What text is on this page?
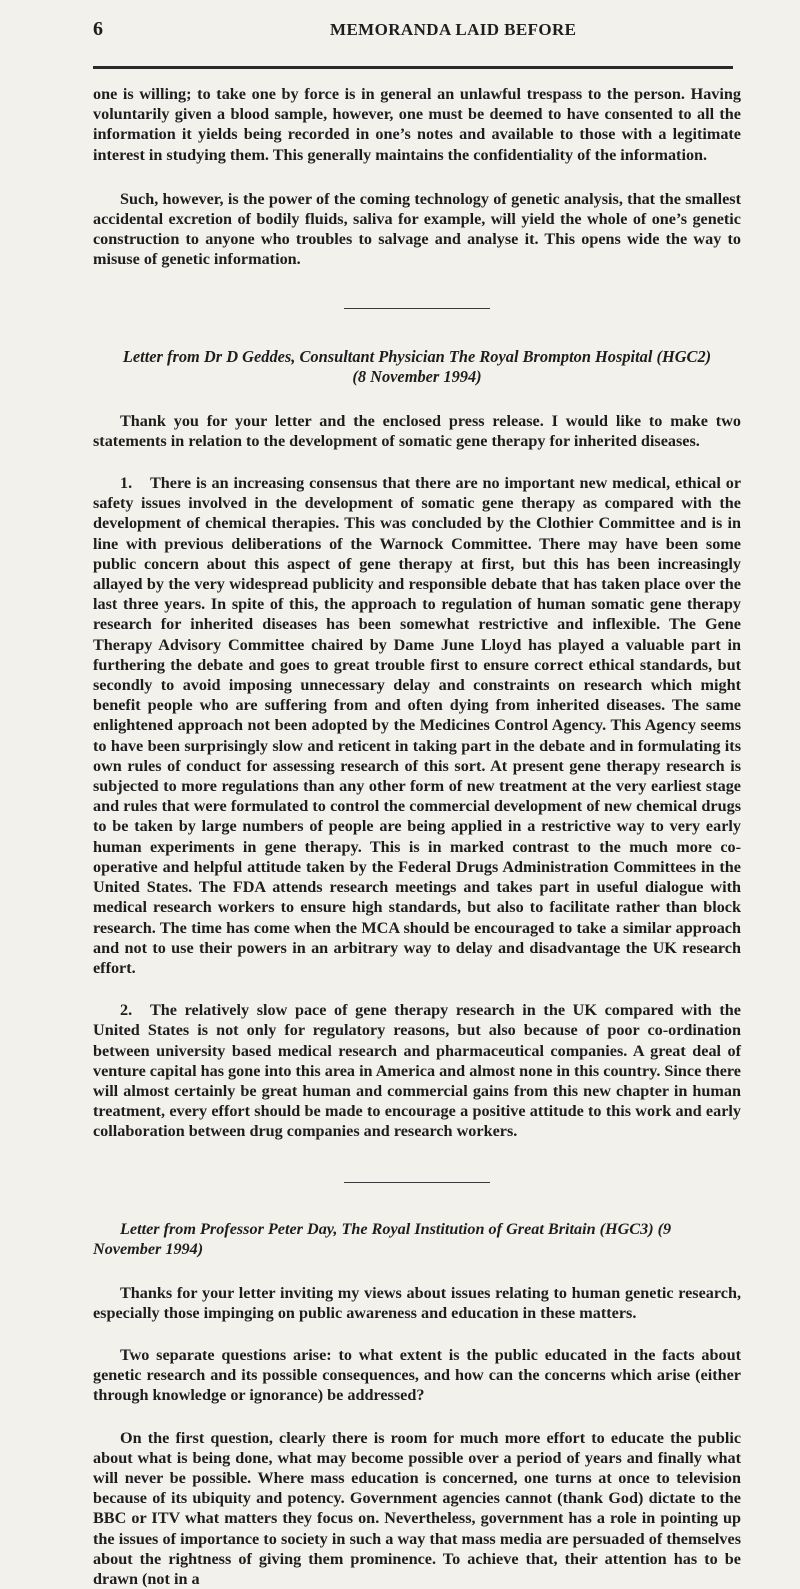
6	MEMORANDA LAID BEFORE

one is willing; to take one by force is in general an unlawful trespass to the person. Having voluntarily given a blood sample, however, one must be deemed to have consented to all the information it yields being recorded in one’s notes and available to those with a legitimate interest in studying them. This generally maintains the confidentiality of the information.

Such, however, is the power of the coming technology of genetic analysis, that the smallest accidental excretion of bodily fluids, saliva for example, will yield the whole of one’s genetic construction to anyone who troubles to salvage and analyse it. This opens wide the way to misuse of genetic information.

Letter from Dr D Geddes, Consultant Physician The Royal Brompton Hospital (HGC2)
(8 November 1994)

Thank you for your letter and the enclosed press release. I would like to make two statements in relation to the development of somatic gene therapy for inherited diseases.

1. There is an increasing consensus that there are no important new medical, ethical or safety issues involved in the development of somatic gene therapy as compared with the development of chemical therapies. This was concluded by the Clothier Committee and is in line with previous deliberations of the Warnock Committee. There may have been some public concern about this aspect of gene therapy at first, but this has been increasingly allayed by the very widespread publicity and responsible debate that has taken place over the last three years. In spite of this, the approach to regulation of human somatic gene therapy research for inherited diseases has been somewhat restrictive and inflexible. The Gene Therapy Advisory Committee chaired by Dame June Lloyd has played a valuable part in furthering the debate and goes to great trouble first to ensure correct ethical standards, but secondly to avoid imposing unnecessary delay and constraints on research which might benefit people who are suffering from and often dying from inherited diseases. The same enlightened approach not been adopted by the Medicines Control Agency. This Agency seems to have been surprisingly slow and reticent in taking part in the debate and in formulating its own rules of conduct for assessing research of this sort. At present gene therapy research is subjected to more regulations than any other form of new treatment at the very earliest stage and rules that were formulated to control the commercial development of new chemical drugs to be taken by large numbers of people are being applied in a restrictive way to very early human experiments in gene therapy. This is in marked contrast to the much more co-operative and helpful attitude taken by the Federal Drugs Administration Committees in the United States. The FDA attends research meetings and takes part in useful dialogue with medical research workers to ensure high standards, but also to facilitate rather than block research. The time has come when the MCA should be encouraged to take a similar approach and not to use their powers in an arbitrary way to delay and disadvantage the UK research effort.

2. The relatively slow pace of gene therapy research in the UK compared with the United States is not only for regulatory reasons, but also because of poor co-ordination between university based medical research and pharmaceutical companies. A great deal of venture capital has gone into this area in America and almost none in this country. Since there will almost certainly be great human and commercial gains from this new chapter in human treatment, every effort should be made to encourage a positive attitude to this work and early collaboration between drug companies and research workers.

Letter from Professor Peter Day, The Royal Institution of Great Britain (HGC3) (9 November 1994)

Thanks for your letter inviting my views about issues relating to human genetic research, especially those impinging on public awareness and education in these matters.

Two separate questions arise: to what extent is the public educated in the facts about genetic research and its possible consequences, and how can the concerns which arise (either through knowledge or ignorance) be addressed?

On the first question, clearly there is room for much more effort to educate the public about what is being done, what may become possible over a period of years and finally what will never be possible. Where mass education is concerned, one turns at once to television because of its ubiquity and potency. Government agencies cannot (thank God) dictate to the BBC or ITV what matters they focus on. Nevertheless, government has a role in pointing up the issues of importance to society in such a way that mass media are persuaded of themselves about the rightness of giving them prominence. To achieve that, their attention has to be drawn (not in a
